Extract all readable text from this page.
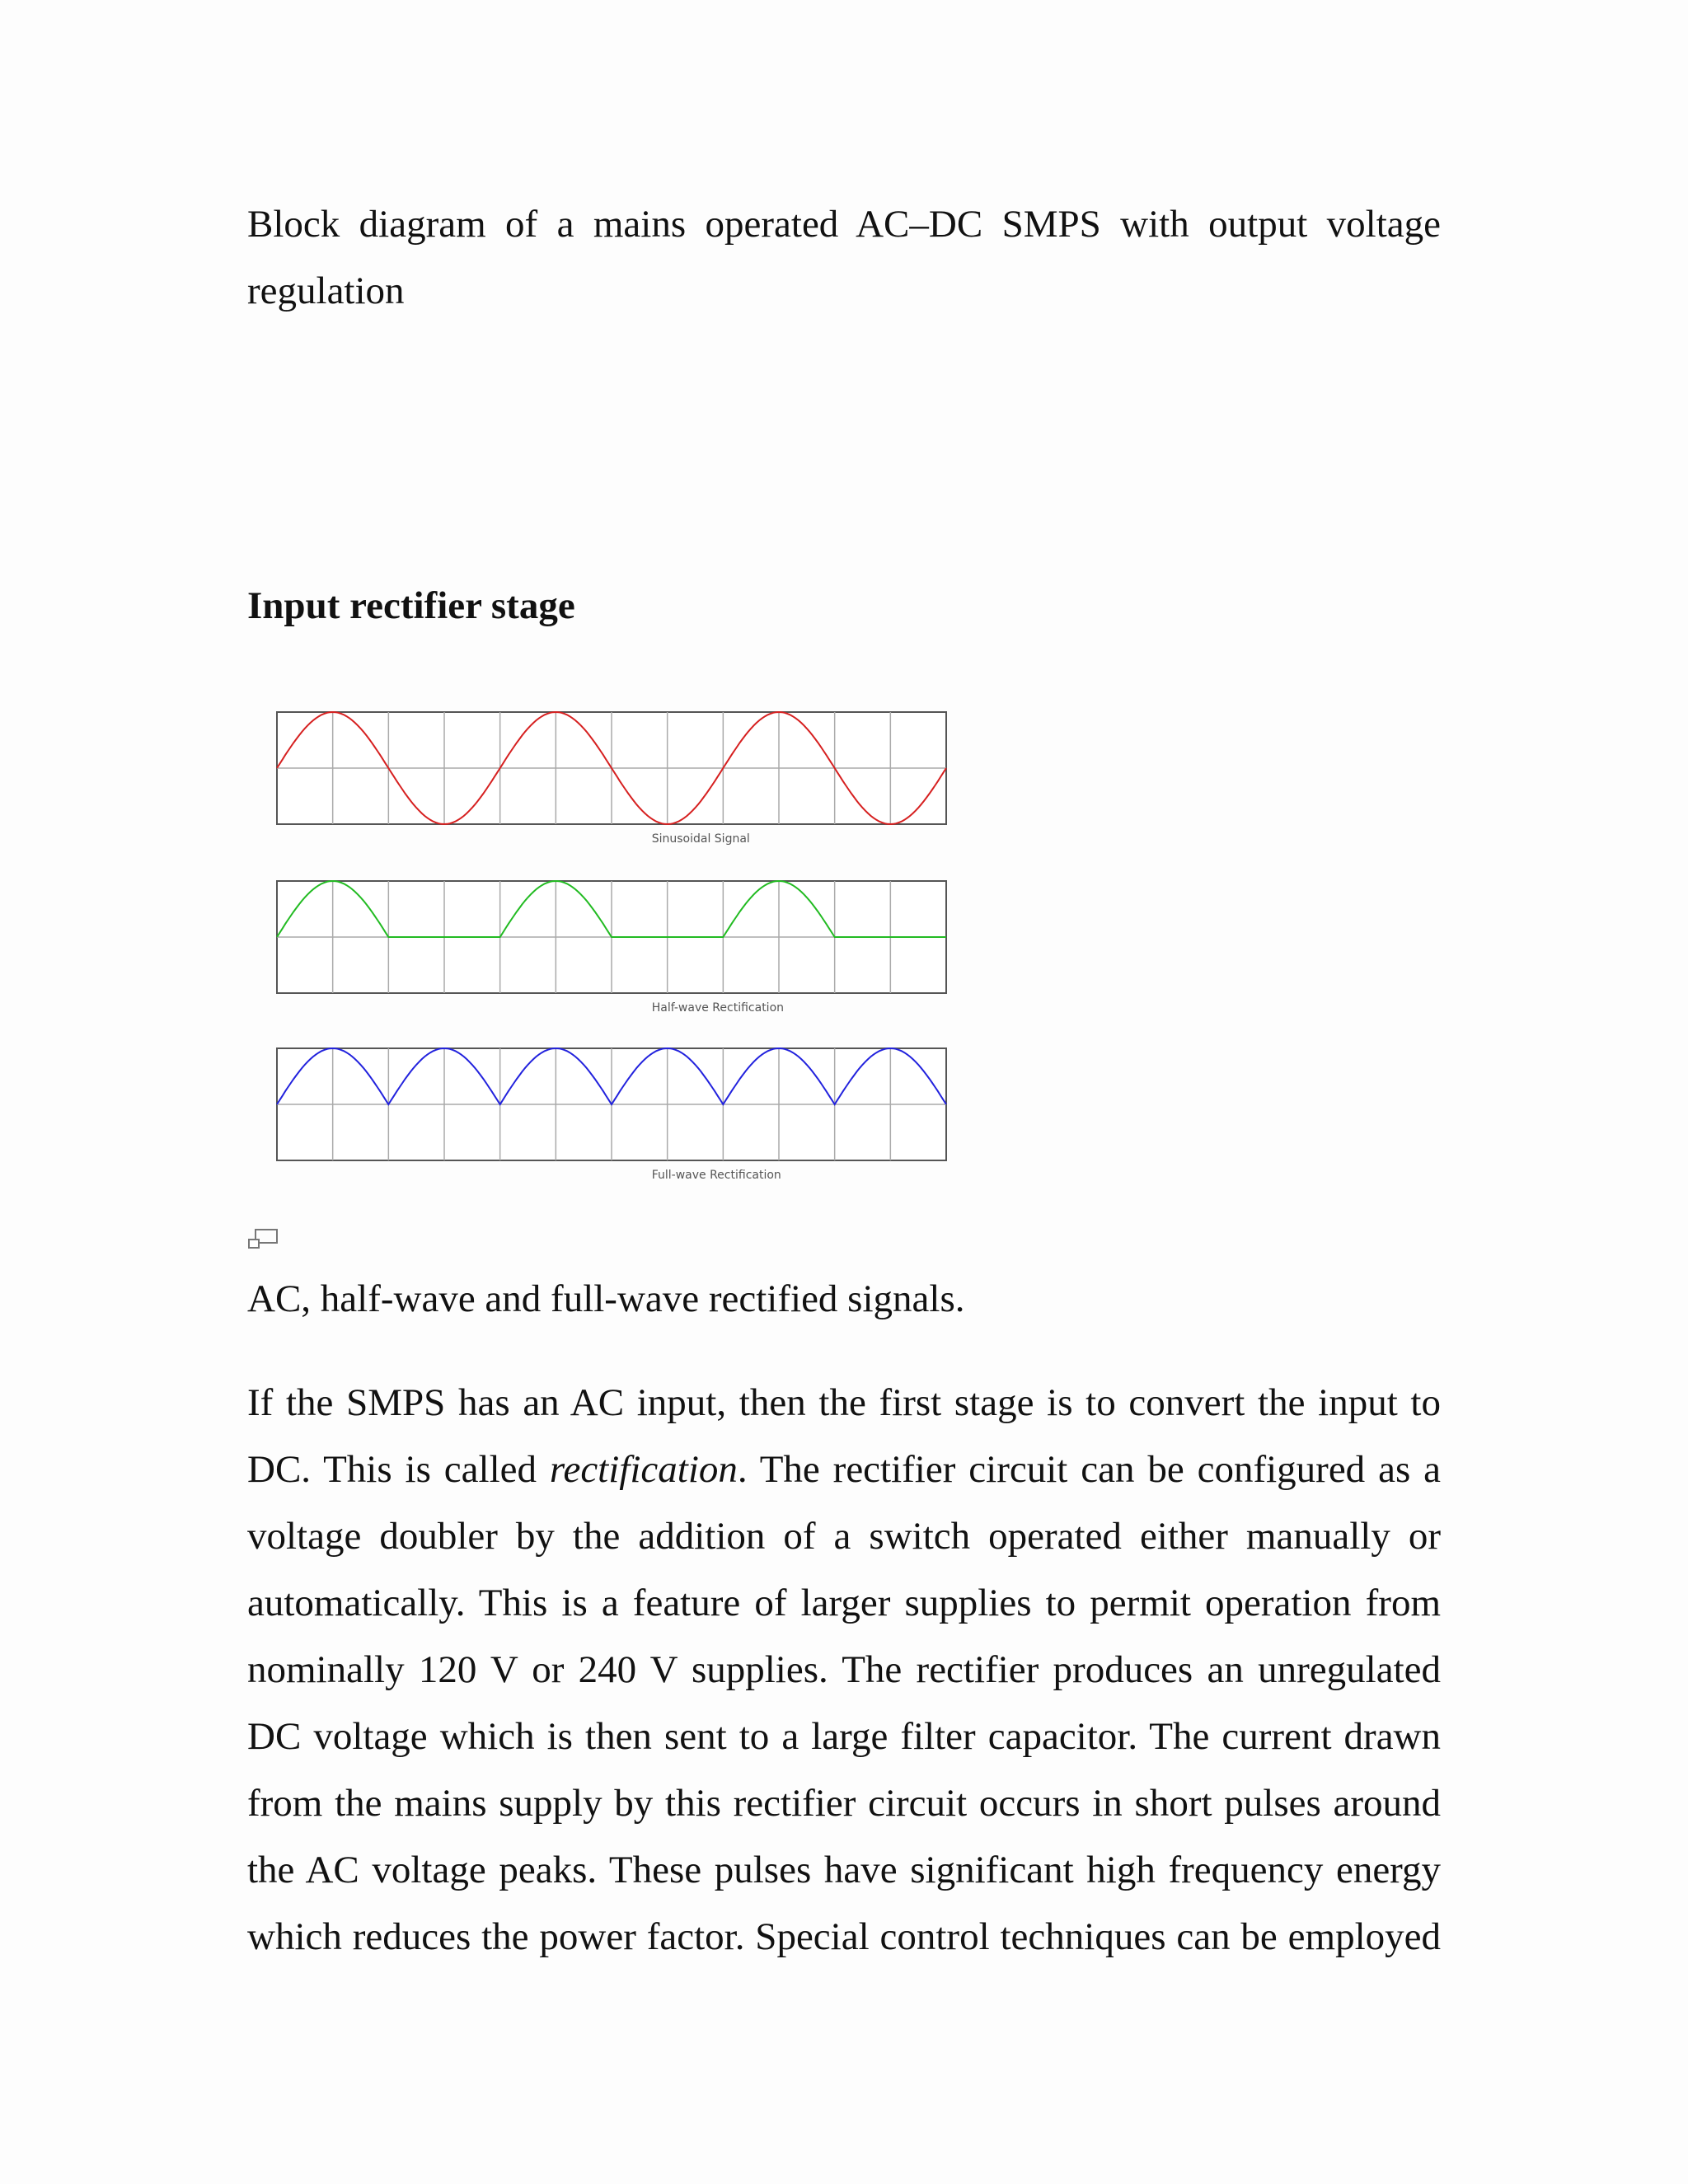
Block diagram of a mains operated AC–DC SMPS with output voltage regulation
Input rectifier stage
Sinusoidal Signal
Half-wave Rectification
Full-wave Rectification
AC, half-wave and full-wave rectified signals.
If the SMPS has an AC input, then the first stage is to convert the input to
DC. This is called rectification. The rectifier circuit can be configured as a
voltage doubler by the addition of a switch operated either manually or
automatically. This is a feature of larger supplies to permit operation from
nominally 120 V or 240 V supplies. The rectifier produces an unregulated
DC voltage which is then sent to a large filter capacitor. The current drawn
from the mains supply by this rectifier circuit occurs in short pulses around
the AC voltage peaks. These pulses have significant high frequency energy
which reduces the power factor. Special control techniques can be employed
